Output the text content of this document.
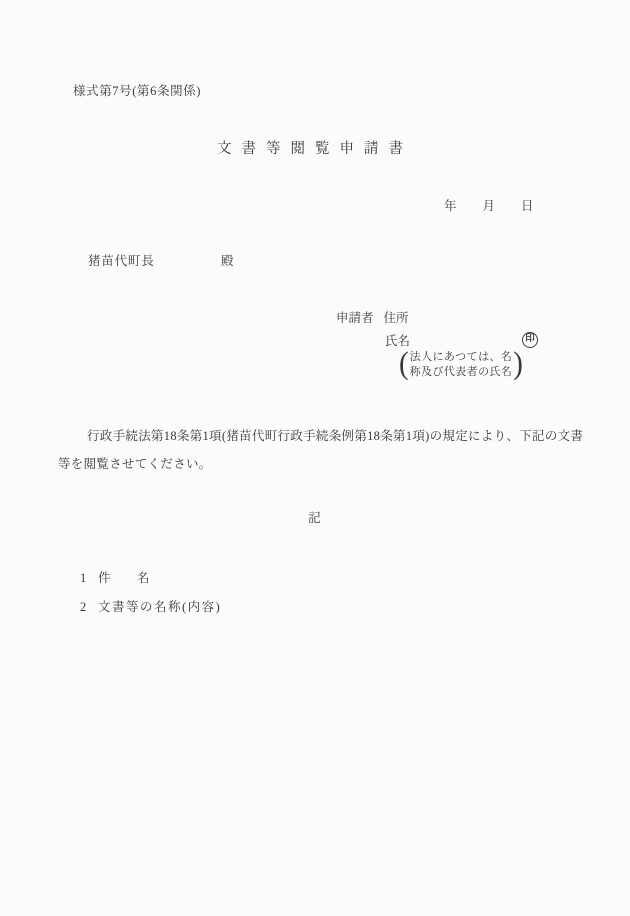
様式第7号(第6条関係)
文書等閲覧申請書
年 月 日
猪苗代町長	殿
申請者 住所
氏名	印
( 法人にあつては、名
称及び代表者の氏名 )
行政手続法第18条第1項(猪苗代町行政手続条例第18条第1項)の規定により、下記の文書
等を閲覧させてください。
記
1 件 名
2 文書等の名称(内容)
